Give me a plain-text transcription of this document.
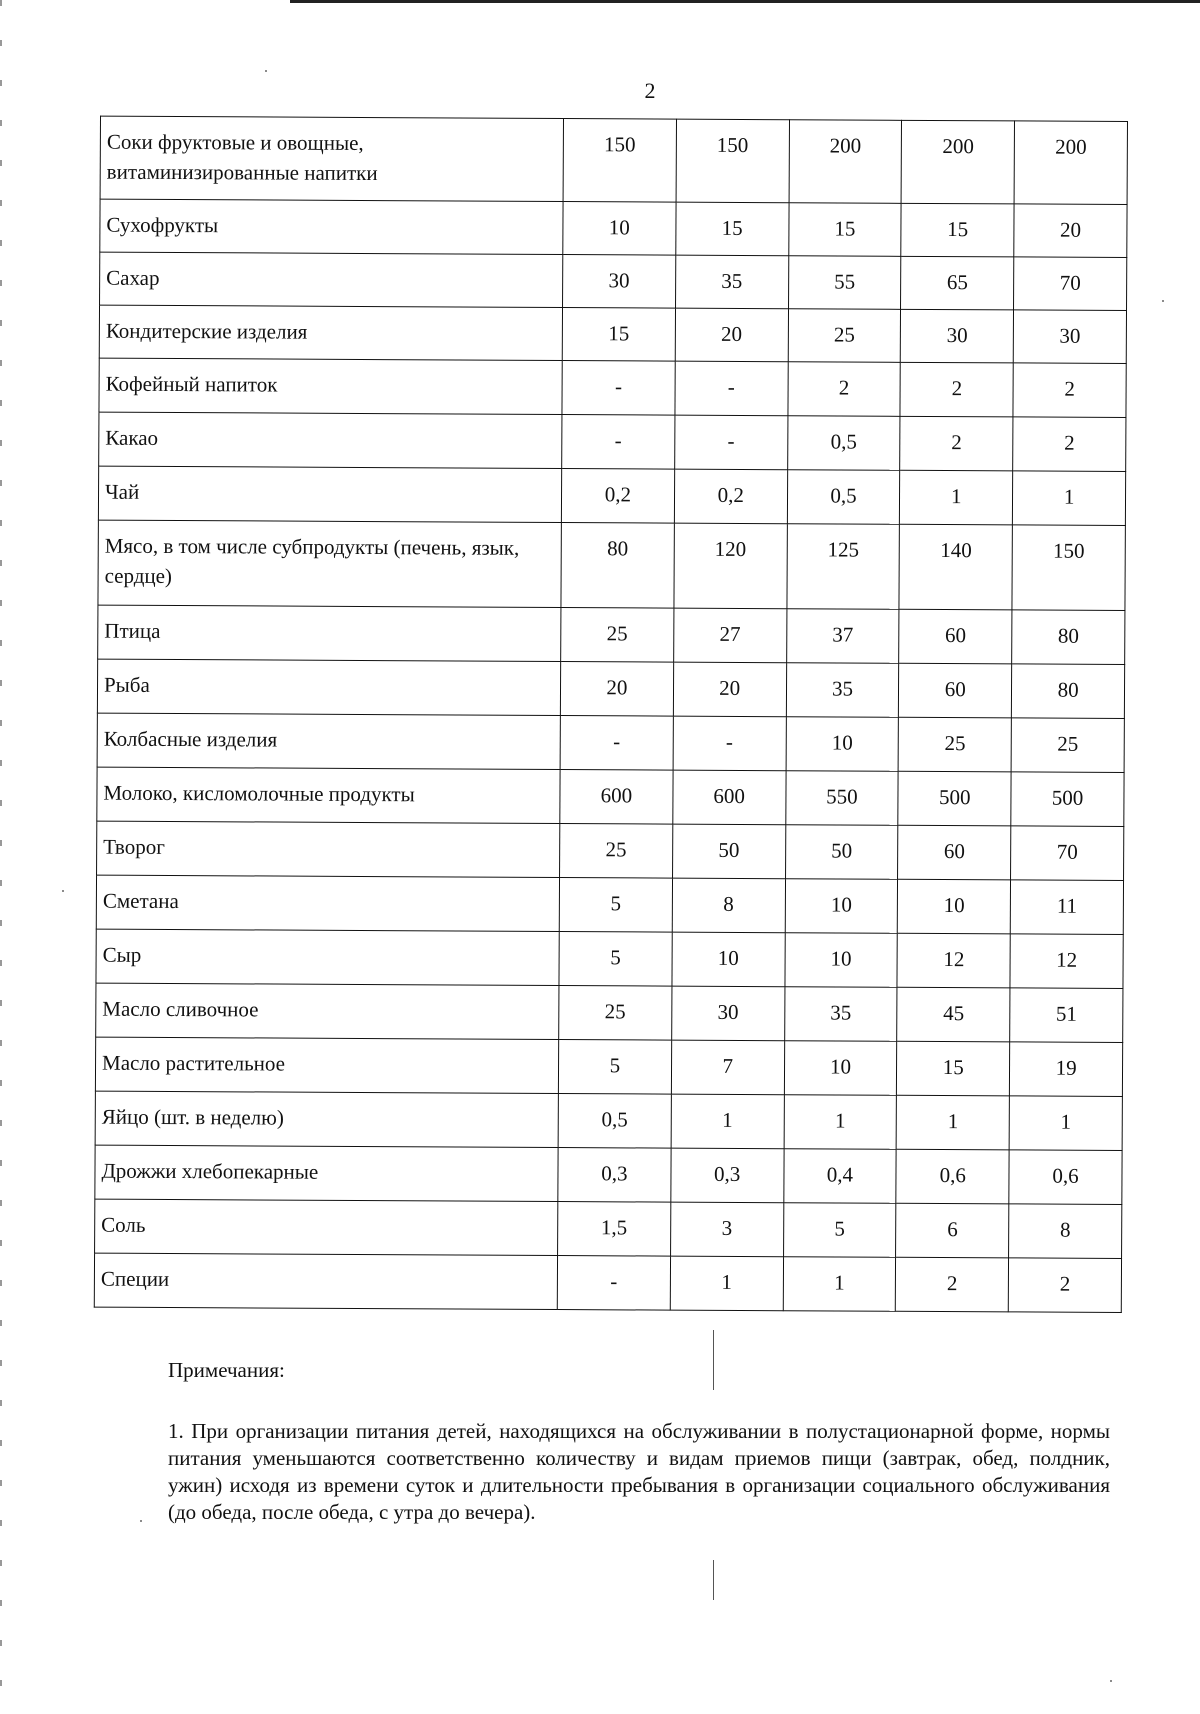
2
Соки фруктовые и овощные, витаминизированные напитки	150	150	200	200	200
Сухофрукты	10	15	15	15	20
Сахар	30	35	55	65	70
Кондитерские изделия	15	20	25	30	30
Кофейный напиток	-	-	2	2	2
Какао	-	-	0,5	2	2
Чай	0,2	0,2	0,5	1	1
Мясо, в том числе субпродукты (печень, язык, сердце)	80	120	125	140	150
Птица	25	27	37	60	80
Рыба	20	20	35	60	80
Колбасные изделия	-	-	10	25	25
Молоко, кисломолочные продукты	600	600	550	500	500
Творог	25	50	50	60	70
Сметана	5	8	10	10	11
Сыр	5	10	10	12	12
Масло сливочное	25	30	35	45	51
Масло растительное	5	7	10	15	19
Яйцо (шт. в неделю)	0,5	1	1	1	1
Дрожжи хлебопекарные	0,3	0,3	0,4	0,6	0,6
Соль	1,5	3	5	6	8
Специи	-	1	1	2	2
Примечания:
1. При организации питания детей, находящихся на обслуживании в полустационарной форме, нормы питания уменьшаются соответственно количеству и видам приемов пищи (завтрак, обед, полдник, ужин) исходя из времени суток и длительности пребывания в организации социального обслуживания (до обеда, после обеда, с утра до вечера).
